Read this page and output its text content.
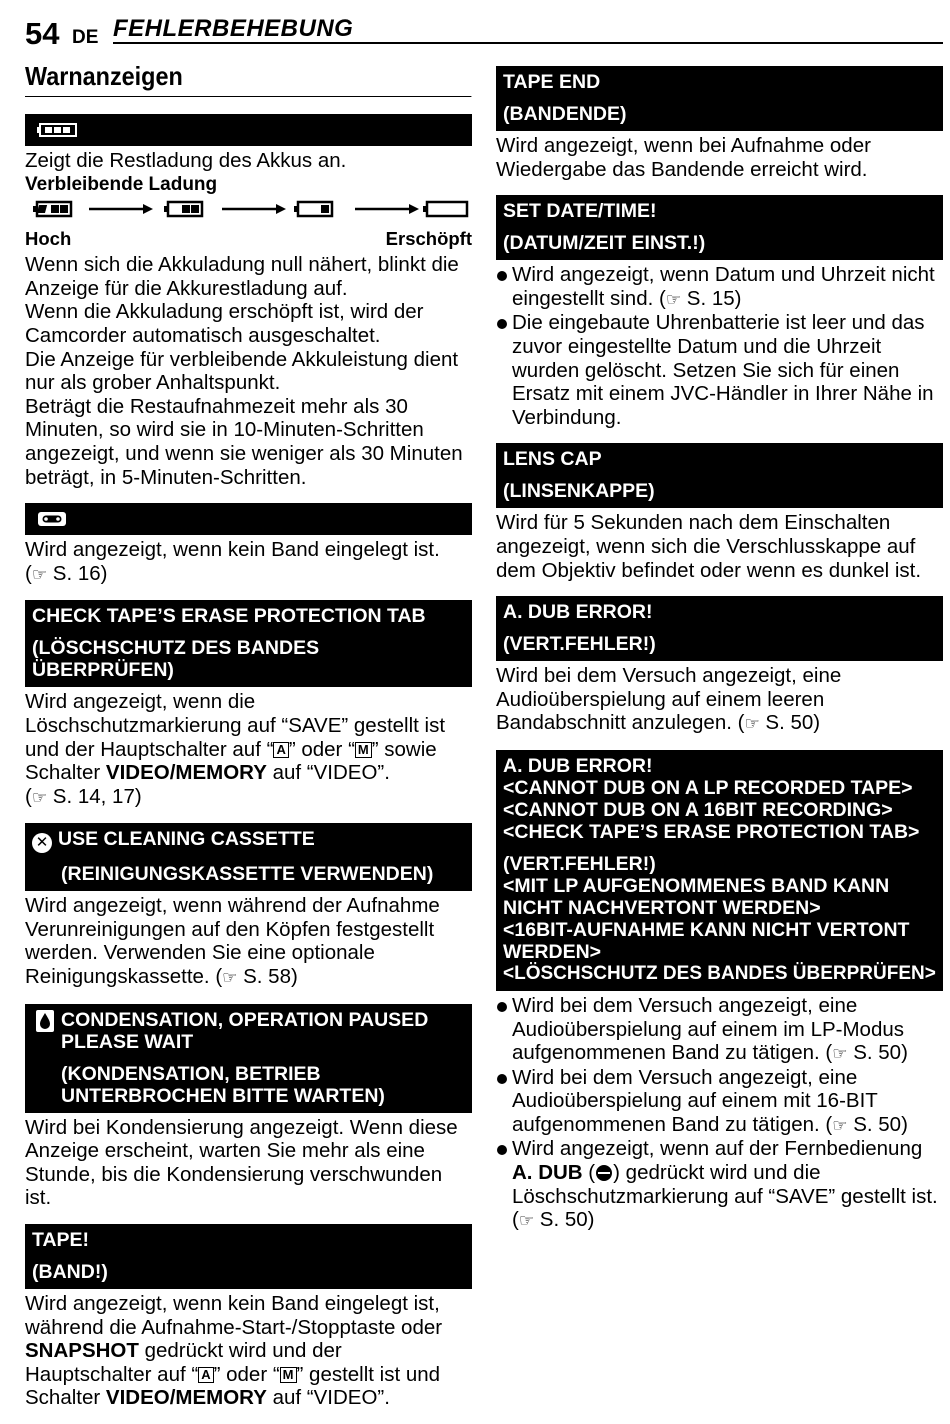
54 DE FEHLERBEHEBUNG
Warnanzeigen

Zeigt die Restladung des Akkus an.

Verbleibende Ladung

Hoch	Erschöpft

Wenn sich die Akkuladung null nähert, blinkt die Anzeige für die Akkurestladung auf.

Wenn die Akkuladung erschöpft ist, wird der Camcorder automatisch ausgeschaltet.

Die Anzeige für verbleibende Akkuleistung dient nur als grober Anhaltspunkt.

Beträgt die Restaufnahmezeit mehr als 30 Minuten, so wird sie in 10-Minuten-Schritten angezeigt, und wenn sie weniger als 30 Minuten beträgt, in 5-Minuten-Schritten.

Wird angezeigt, wenn kein Band eingelegt ist.
(☞ S. 16)

CHECK TAPE’S ERASE PROTECTION TAB
(LÖSCHSCHUTZ DES BANDES ÜBERPRÜFEN)

Wird angezeigt, wenn die Löschschutzmarkierung auf “SAVE” gestellt ist und der Hauptschalter auf “ A ” oder “ M ” sowie Schalter VIDEO/MEMORY auf “VIDEO”.
(☞ S. 14, 17)

✕ USE CLEANING CASSETTE
(REINIGUNGSKASSETTE VERWENDEN)

Wird angezeigt, wenn während der Aufnahme Verunreinigungen auf den Köpfen festgestellt werden. Verwenden Sie eine optionale Reinigungskassette. (☞ S. 58)

CONDENSATION, OPERATION PAUSED
PLEASE WAIT
(KONDENSATION, BETRIEB
UNTERBROCHEN BITTE WARTEN)

Wird bei Kondensierung angezeigt. Wenn diese Anzeige erscheint, warten Sie mehr als eine Stunde, bis die Kondensierung verschwunden ist.

TAPE!
(BAND!)

Wird angezeigt, wenn kein Band eingelegt ist, während die Aufnahme-Start-/Stopptaste oder SNAPSHOT gedrückt wird und der Hauptschalter auf “ A ” oder “ M ” gestellt ist und Schalter VIDEO/MEMORY auf “VIDEO”.

TAPE END
(BANDENDE)

Wird angezeigt, wenn bei Aufnahme oder Wiedergabe das Bandende erreicht wird.

SET DATE/TIME!
(DATUM/ZEIT EINST.!)
Wird angezeigt, wenn Datum und Uhrzeit nicht eingestellt sind. (☞ S. 15)
Die eingebaute Uhrenbatterie ist leer und das zuvor eingestellte Datum und die Uhrzeit wurden gelöscht. Setzen Sie sich für einen Ersatz mit einem JVC-Händler in Ihrer Nähe in Verbindung.
LENS CAP
(LINSENKAPPE)

Wird für 5 Sekunden nach dem Einschalten angezeigt, wenn sich die Verschlusskappe auf dem Objektiv befindet oder wenn es dunkel ist.

A. DUB ERROR!
(VERT.FEHLER!)

Wird bei dem Versuch angezeigt, eine Audioüberspielung auf einem leeren Bandabschnitt anzulegen. (☞ S. 50)

A. DUB ERROR!
<CANNOT DUB ON A LP RECORDED TAPE>
<CANNOT DUB ON A 16BIT RECORDING>
<CHECK TAPE’S ERASE PROTECTION TAB>
(VERT.FEHLER!)
<MIT LP AUFGENOMMENES BAND KANN
NICHT NACHVERTONT WERDEN>
<16BIT-AUFNAHME KANN NICHT VERTONT
WERDEN>
<LÖSCHSCHUTZ DES BANDES ÜBERPRÜFEN>
Wird bei dem Versuch angezeigt, eine Audioüberspielung auf einem im LP-Modus aufgenommenen Band zu tätigen. (☞ S. 50)
Wird bei dem Versuch angezeigt, eine Audioüberspielung auf einem mit 16-BIT aufgenommenen Band zu tätigen. (☞ S. 50)
Wird angezeigt, wenn auf der Fernbedienung A. DUB ( ) gedrückt wird und die Löschschutzmarkierung auf “SAVE” gestellt ist. (☞ S. 50)
